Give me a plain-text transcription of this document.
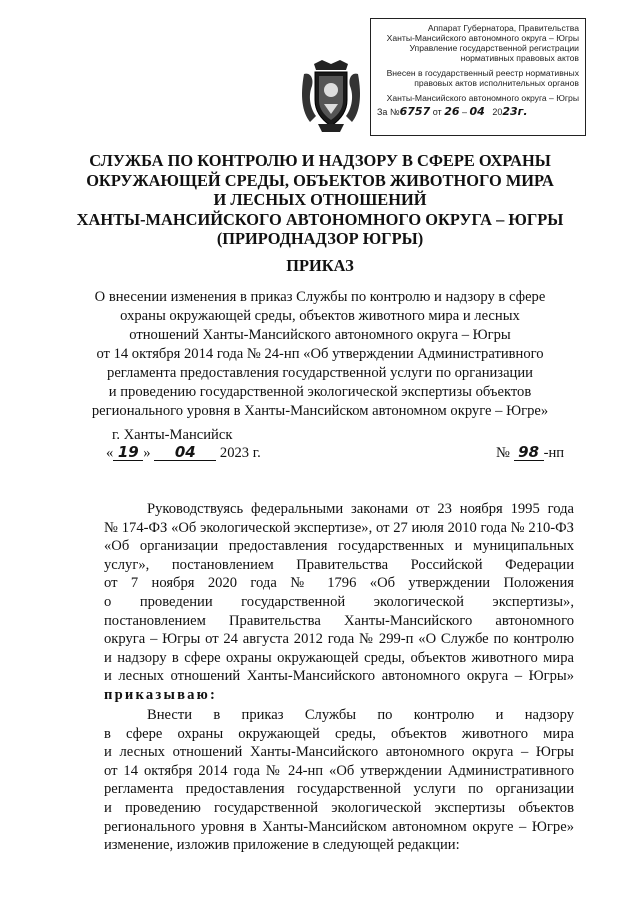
Аппарат Губернатора, Правительства
Ханты-Мансийского автономного округа – Югры
Управление государственной регистрации
нормативных правовых актов
Внесен в государственный реестр нормативных
правовых актов исполнительных органов
Ханты-Мансийского автономного округа – Югры
За №6757 от 26 – 04 2023г.
СЛУЖБА ПО КОНТРОЛЮ И НАДЗОРУ В СФЕРЕ ОХРАНЫ
ОКРУЖАЮЩЕЙ СРЕДЫ, ОБЪЕКТОВ ЖИВОТНОГО МИРА
И ЛЕСНЫХ ОТНОШЕНИЙ
ХАНТЫ-МАНСИЙСКОГО АВТОНОМНОГО ОКРУГА – ЮГРЫ
(ПРИРОДНАДЗОР ЮГРЫ)
ПРИКАЗ
О внесении изменения в приказ Службы по контролю и надзору в сфере
охраны окружающей среды, объектов животного мира и лесных
отношений Ханты-Мансийского автономного округа – Югры
от 14 октября 2014 года № 24-нп «Об утверждении Административного
регламента предоставления государственной услуги по организации
и проведению государственной экологической экспертизы объектов
регионального уровня в Ханты-Мансийском автономном округе – Югре»
г. Ханты-Мансийск
« 19 » 04 2023 г.	№ 98 -нп
Руководствуясь федеральными законами от 23 ноября 1995 года
№ 174-ФЗ «Об экологической экспертизе», от 27 июля 2010 года № 210-ФЗ
«Об организации предоставления государственных и муниципальных
услуг», постановлением Правительства Российской Федерации
от 7 ноября 2020 года № 1796 «Об утверждении Положения
о проведении государственной экологической экспертизы»,
постановлением Правительства Ханты-Мансийского автономного
округа – Югры от 24 августа 2012 года № 299-п «О Службе по контролю
и надзору в сфере охраны окружающей среды, объектов животного мира
и лесных отношений Ханты-Мансийского автономного округа – Югры»
приказываю:
Внести в приказ Службы по контролю и надзору
в сфере охраны окружающей среды, объектов животного мира
и лесных отношений Ханты-Мансийского автономного округа – Югры
от 14 октября 2014 года № 24-нп «Об утверждении Административного
регламента предоставления государственной услуги по организации
и проведению государственной экологической экспертизы объектов
регионального уровня в Ханты-Мансийском автономном округе – Югре»
изменение, изложив приложение в следующей редакции:
